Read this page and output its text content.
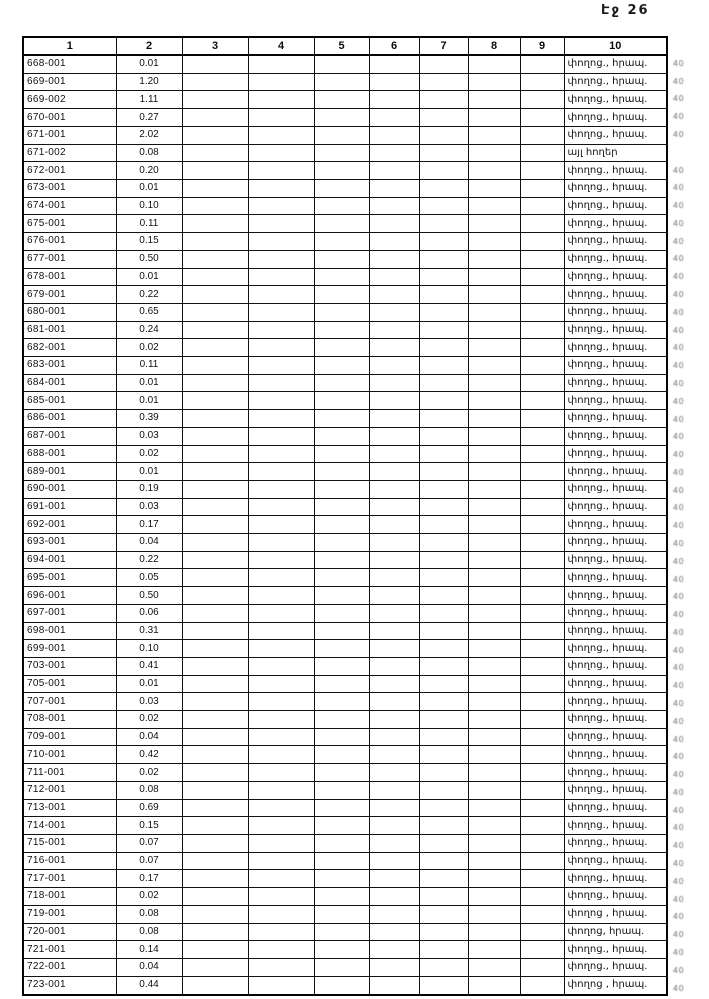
Էջ 26
1	2	3	4	5	6	7	8	9	10
668-001	0.01								փողոց., հրապ.
669-001	1.20								փողոց., հրապ.
669-002	1.11								փողոց., հրապ.
670-001	0.27								փողոց., հրապ.
671-001	2.02								փողոց., հրապ.
671-002	0.08								այլ հողեր
672-001	0.20								փողոց., հրապ.
673-001	0.01								փողոց., հրապ.
674-001	0.10								փողոց., հրապ.
675-001	0.11								փողոց., հրապ.
676-001	0.15								փողոց., հրապ.
677-001	0.50								փողոց., հրապ.
678-001	0.01								փողոց., հրապ.
679-001	0.22								փողոց., հրապ.
680-001	0.65								փողոց., հրապ.
681-001	0.24								փողոց., հրապ.
682-001	0.02								փողոց., հրապ.
683-001	0.11								փողոց., հրապ.
684-001	0.01								փողոց., հրապ.
685-001	0.01								փողոց., հրապ.
686-001	0.39								փողոց., հրապ.
687-001	0.03								փողոց., հրապ.
688-001	0.02								փողոց., հրապ.
689-001	0.01								փողոց., հրապ.
690-001	0.19								փողոց., հրապ.
691-001	0.03								փողոց., հրապ.
692-001	0.17								փողոց., հրապ.
693-001	0.04								փողոց., հրապ.
694-001	0.22								փողոց., հրապ.
695-001	0.05								փողոց., հրապ.
696-001	0.50								փողոց., հրապ.
697-001	0.06								փողոց., հրապ.
698-001	0.31								փողոց., հրապ.
699-001	0.10								փողոց., հրապ.
703-001	0.41								փողոց., հրապ.
705-001	0.01								փողոց., հրապ.
707-001	0.03								փողոց., հրապ.
708-001	0.02								փողոց., հրապ.
709-001	0.04								փողոց., հրապ.
710-001	0.42								փողոց., հրապ.
711-001	0.02								փողոց., հրապ.
712-001	0.08								փողոց., հրապ.
713-001	0.69								փողոց., հրապ.
714-001	0.15								փողոց., հրապ.
715-001	0.07								փողոց., հրապ.
716-001	0.07								փողոց., հրապ.
717-001	0.17								փողոց., հրապ.
718-001	0.02								փողոց., հրապ.
719-001	0.08								փողոց , հրապ.
720-001	0.08								փողոց, հրապ.
721-001	0.14								փողոց., հրապ.
722-001	0.04								փողոց., հրապ.
723-001	0.44								փողոց , հրապ.
40
40
40
40
40
40
40
40
40
40
40
40
40
40
40
40
40
40
40
40
40
40
40
40
40
40
40
40
40
40
40
40
40
40
40
40
40
40
40
40
40
40
40
40
40
40
40
40
40
40
40
40
